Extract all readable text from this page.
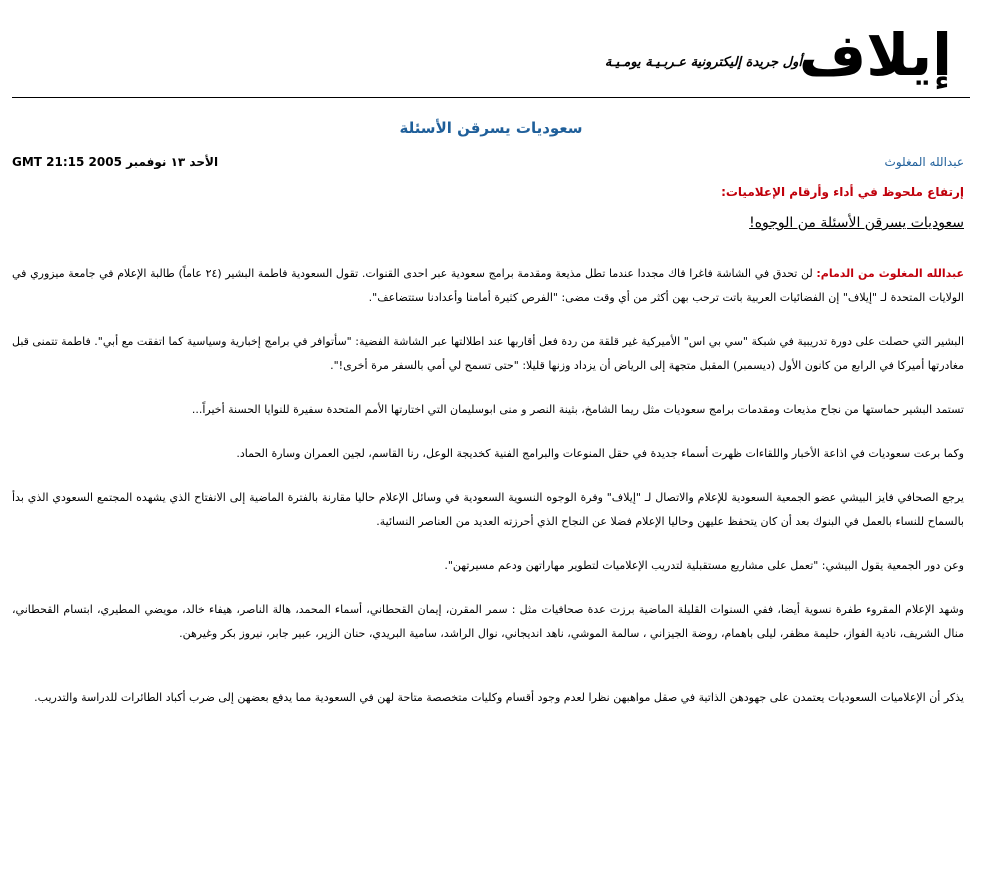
إيلاف
أول جريدة إليكترونية عـربـيـة يومـيـة
سعوديات يسرقن الأسئلة
عبدالله المغلوث
الأحد ١٣ نوفمبر GMT 21:15 2005
إرتفاع ملحوظ في أداء وأرقام الإعلاميات:
سعوديات يسرقن الأسئلة من الوجوه!

عبدالله المغلوث من الدمام: لن تحدق في الشاشة فاغرا فاك مجددا عندما تطل مذيعة ومقدمة برامج سعودية عبر احدى القنوات. تقول السعودية فاطمة البشير (٢٤ عاماً) طالبة الإعلام في جامعة ميزوري في الولايات المتحدة لـ "إيلاف" إن الفضائيات العربية باتت ترحب بهن أكثر من أي وقت مضى: "الفرص كثيرة أمامنا وأعدادنا ستتضاعف".

البشير التي حصلت على دورة تدريبية في شبكة "سي بي اس" الأميركية غير قلقة من ردة فعل أقاربها عند اطلالتها عبر الشاشة الفضية: "سأتوافر في برامج إخبارية وسياسية كما اتفقت مع أبي". فاطمة تتمنى قبل مغادرتها أميركا في الرابع من كانون الأول (ديسمبر) المقبل متجهة إلى الرياض أن يزداد وزنها قليلا: "حتى تسمح لي أمي بالسفر مرة أخرى!".

تستمد البشير حماستها من نجاح مذيعات ومقدمات برامج سعوديات مثل ريما الشامخ، بثينة النصر و منى ابوسليمان التي اختارتها الأمم المتحدة سفيرة للنوايا الحسنة أخيراً...

وكما برعت سعوديات في اذاعة الأخبار واللقاءات ظهرت أسماء جديدة في حقل المنوعات والبرامج الفنية كخديجة الوعل، رنا القاسم، لجين العمران وسارة الحماد.

يرجع الصحافي فايز البيشي عضو الجمعية السعودية للإعلام والاتصال لـ "إيلاف" وفرة الوجوه النسوية السعودية في وسائل الإعلام حاليا مقارنة بالفترة الماضية إلى الانفتاح الذي يشهده المجتمع السعودي الذي بدأ بالسماح للنساء بالعمل في البنوك بعد أن كان يتحفظ عليهن وحاليا الإعلام فضلا عن النجاح الذي أحرزته العديد من العناصر النسائية.

وعن دور الجمعية يقول البيشي: "تعمل على مشاريع مستقبلية لتدريب الإعلاميات لتطوير مهاراتهن ودعم مسيرتهن".

وشهد الإعلام المقروء طفرة نسوية أيضا، ففي السنوات القليلة الماضية برزت عدة صحافيات مثل : سمر المقرن، إيمان القحطاني، أسماء المحمد، هالة الناصر، هيفاء خالد، مويضي المطيري، ابتسام القحطاني، منال الشريف، نادية الفواز، حليمة مظفر، ليلى باهمام، روضة الجيزاني ، سالمة الموشي، ناهد انديجاني، نوال الراشد، سامية البريدي، حنان الزير، عبير جابر، نيروز بكر وغيرهن.

يذكر أن الإعلاميات السعوديات يعتمدن على جهودهن الذاتية في صقل مواهبهن نظرا لعدم وجود أقسام وكليات متخصصة متاحة لهن في السعودية مما يدفع بعضهن إلى ضرب أكباد الطائرات للدراسة والتدريب.
